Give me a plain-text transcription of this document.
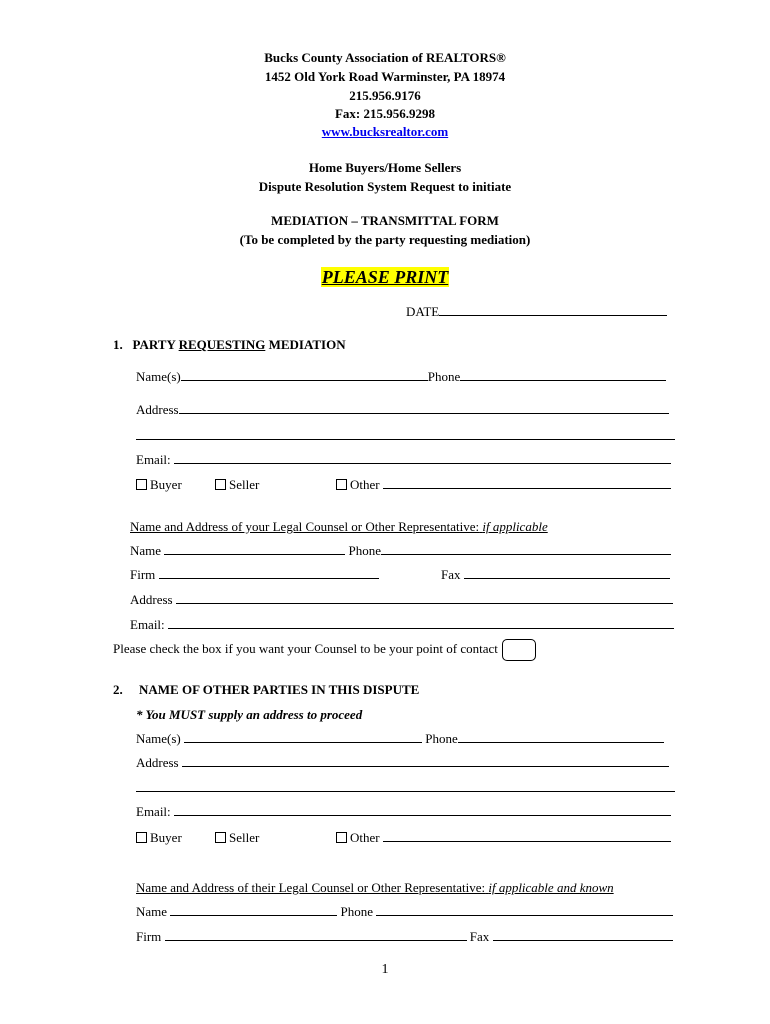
Bucks County Association of REALTORS®
1452 Old York Road Warminster, PA 18974
215.956.9176
Fax: 215.956.9298
www.bucksrealtor.com
Home Buyers/Home Sellers
Dispute Resolution System Request to initiate
MEDIATION – TRANSMITTAL FORM
(To be completed by the party requesting mediation)
PLEASE PRINT
DATE
1. PARTY REQUESTING MEDIATION
Name(s)	Phone
Address
Email:
Buyer	Seller	Other
Name and Address of your Legal Counsel or Other Representative: if applicable
Name	Phone
Firm	Fax
Address
Email:
Please check the box if you want your Counsel to be your point of contact
2. NAME OF OTHER PARTIES IN THIS DISPUTE
* You MUST supply an address to proceed
Name(s)	Phone
Address
Email:
Buyer	Seller	Other
Name and Address of their Legal Counsel or Other Representative: if applicable and known
Name	Phone
Firm	Fax
1
